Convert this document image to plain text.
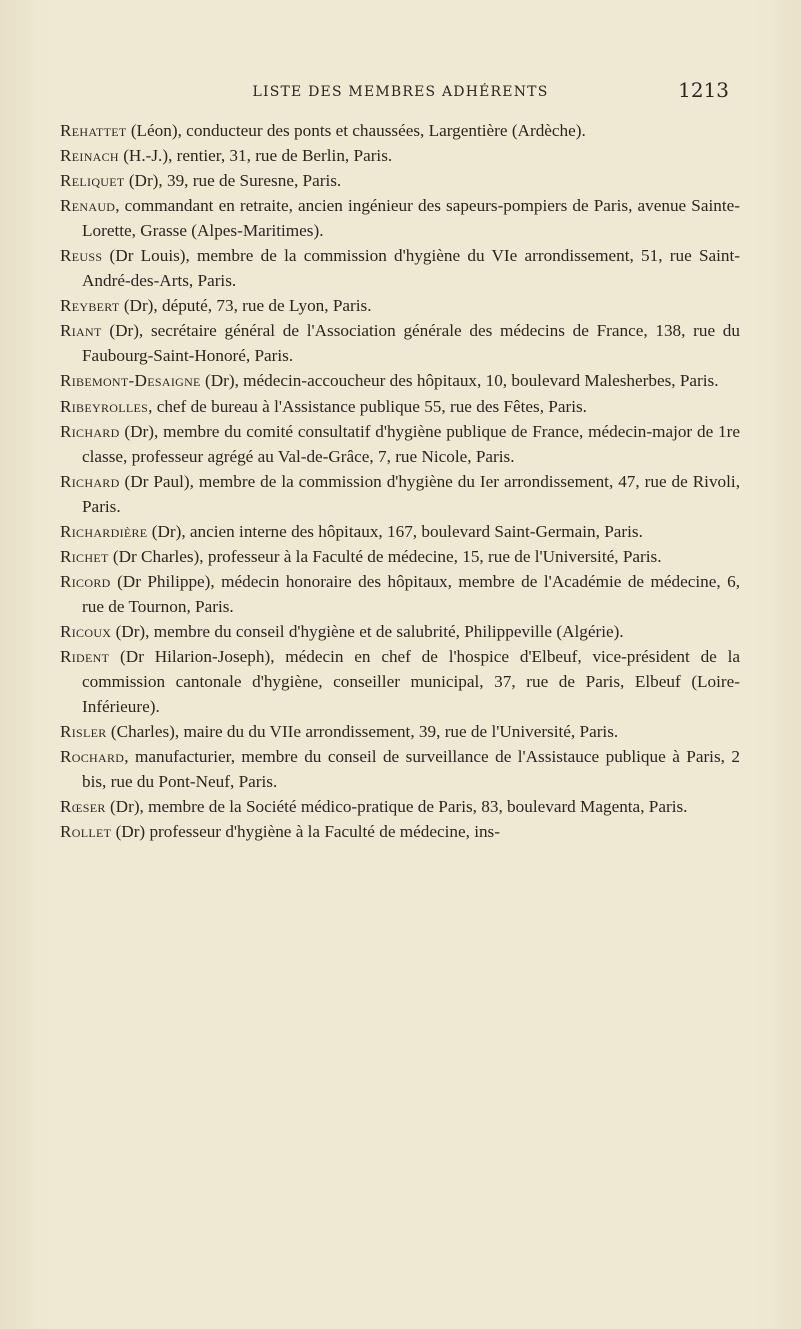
LISTE DES MEMBRES ADHÉRENTS	1213

Rehattet (Léon), conducteur des ponts et chaussées, Largentière (Ardèche).

Reinach (H.-J.), rentier, 31, rue de Berlin, Paris.

Reliquet (Dr), 39, rue de Suresne, Paris.

Renaud, commandant en retraite, ancien ingénieur des sapeurs-pompiers de Paris, avenue Sainte-Lorette, Grasse (Alpes-Maritimes).

Reuss (Dr Louis), membre de la commission d'hygiène du VIe arrondissement, 51, rue Saint-André-des-Arts, Paris.

Reybert (Dr), député, 73, rue de Lyon, Paris.

Riant (Dr), secrétaire général de l'Association générale des médecins de France, 138, rue du Faubourg-Saint-Honoré, Paris.

Ribemont-Desaigne (Dr), médecin-accoucheur des hôpitaux, 10, boulevard Malesherbes, Paris.

Ribeyrolles, chef de bureau à l'Assistance publique 55, rue des Fêtes, Paris.

Richard (Dr), membre du comité consultatif d'hygiène publique de France, médecin-major de 1re classe, professeur agrégé au Val-de-Grâce, 7, rue Nicole, Paris.

Richard (Dr Paul), membre de la commission d'hygiène du Ier arrondissement, 47, rue de Rivoli, Paris.

Richardière (Dr), ancien interne des hôpitaux, 167, boulevard Saint-Germain, Paris.

Richet (Dr Charles), professeur à la Faculté de médecine, 15, rue de l'Université, Paris.

Ricord (Dr Philippe), médecin honoraire des hôpitaux, membre de l'Académie de médecine, 6, rue de Tournon, Paris.

Ricoux (Dr), membre du conseil d'hygiène et de salubrité, Philippeville (Algérie).

Rident (Dr Hilarion-Joseph), médecin en chef de l'hospice d'Elbeuf, vice-président de la commission cantonale d'hygiène, conseiller municipal, 37, rue de Paris, Elbeuf (Loire-Inférieure).

Risler (Charles), maire du du VIIe arrondissement, 39, rue de l'Université, Paris.

Rochard, manufacturier, membre du conseil de surveillance de l'Assistauce publique à Paris, 2 bis, rue du Pont-Neuf, Paris.

Rœser (Dr), membre de la Société médico-pratique de Paris, 83, boulevard Magenta, Paris.

Rollet (Dr) professeur d'hygiène à la Faculté de médecine, ins-
